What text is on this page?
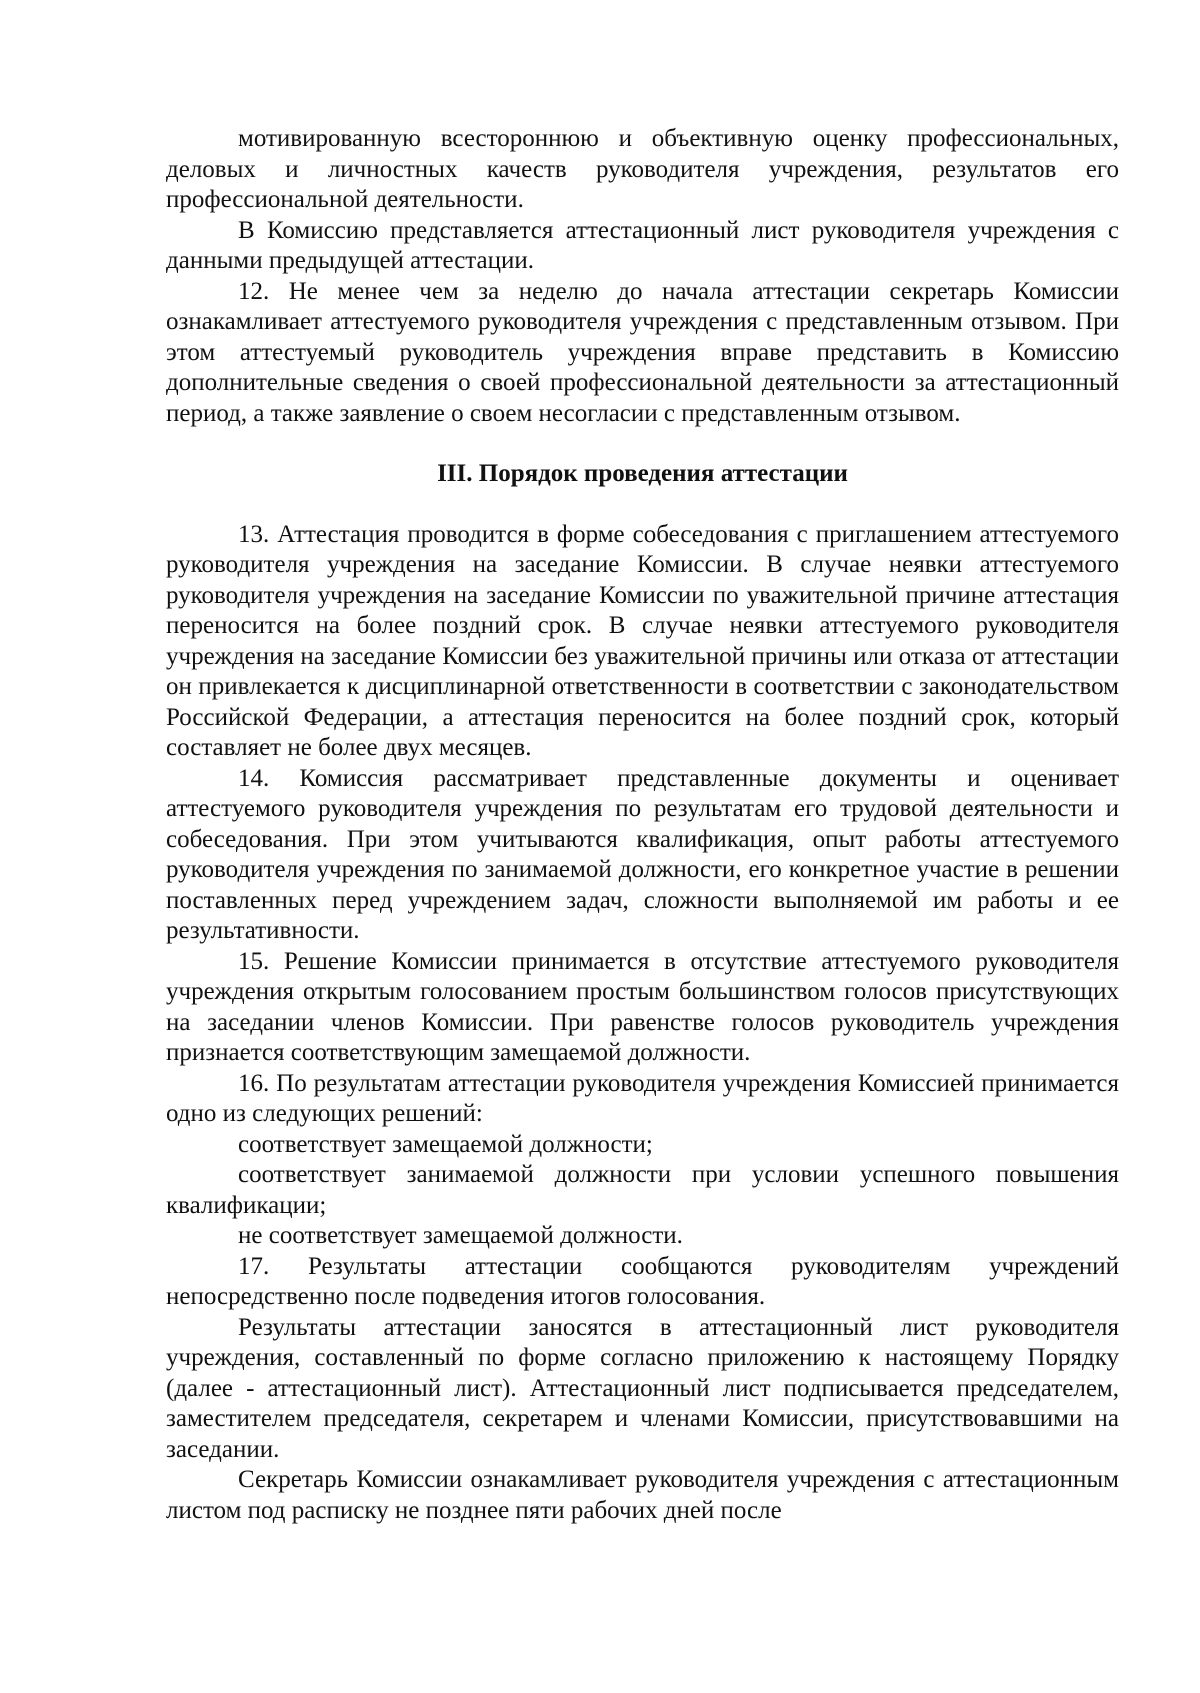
мотивированную всестороннюю и объективную оценку профессиональных, деловых и личностных качеств руководителя учреждения, результатов его профессиональной деятельности.

В Комиссию представляется аттестационный лист руководителя учреждения с данными предыдущей аттестации.

12. Не менее чем за неделю до начала аттестации секретарь Комиссии ознакамливает аттестуемого руководителя учреждения с представленным отзывом. При этом аттестуемый руководитель учреждения вправе представить в Комиссию дополнительные сведения о своей профессиональной деятельности за аттестационный период, а также заявление о своем несогласии с представленным отзывом.

III. Порядок проведения аттестации

13. Аттестация проводится в форме собеседования с приглашением аттестуемого руководителя учреждения на заседание Комиссии. В случае неявки аттестуемого руководителя учреждения на заседание Комиссии по уважительной причине аттестация переносится на более поздний срок. В случае неявки аттестуемого руководителя учреждения на заседание Комиссии без уважительной причины или отказа от аттестации он привлекается к дисциплинарной ответственности в соответствии с законодательством Российской Федерации, а аттестация переносится на более поздний срок, который составляет не более двух месяцев.

14. Комиссия рассматривает представленные документы и оценивает аттестуемого руководителя учреждения по результатам его трудовой деятельности и собеседования. При этом учитываются квалификация, опыт работы аттестуемого руководителя учреждения по занимаемой должности, его конкретное участие в решении поставленных перед учреждением задач, сложности выполняемой им работы и ее результативности.

15. Решение Комиссии принимается в отсутствие аттестуемого руководителя учреждения открытым голосованием простым большинством голосов присутствующих на заседании членов Комиссии. При равенстве голосов руководитель учреждения признается соответствующим замещаемой должности.

16. По результатам аттестации руководителя учреждения Комиссией принимается одно из следующих решений:

соответствует замещаемой должности;

соответствует занимаемой должности при условии успешного повышения квалификации;

не соответствует замещаемой должности.

17. Результаты аттестации сообщаются руководителям учреждений непосредственно после подведения итогов голосования.

Результаты аттестации заносятся в аттестационный лист руководителя учреждения, составленный по форме согласно приложению к настоящему Порядку (далее - аттестационный лист). Аттестационный лист подписывается председателем, заместителем председателя, секретарем и членами Комиссии, присутствовавшими на заседании.

Секретарь Комиссии ознакамливает руководителя учреждения с аттестационным листом под расписку не позднее пяти рабочих дней после
